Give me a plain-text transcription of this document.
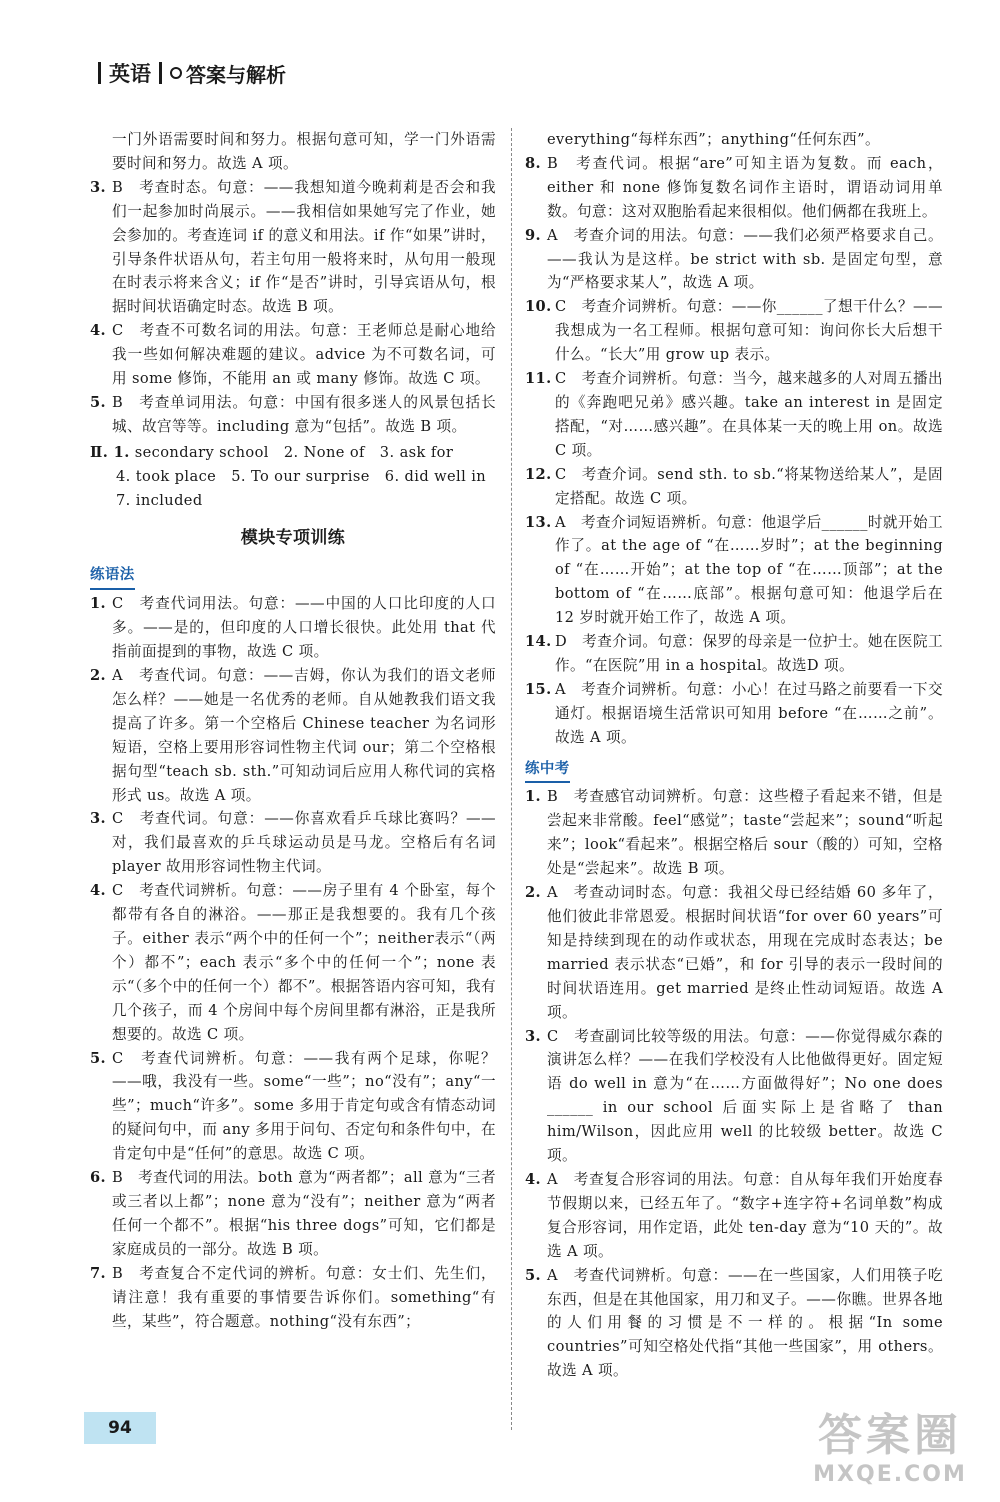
英语 答案与解析

一门外语需要时间和努力。根据句意可知，学一门外语需要时间和努力。故选 A 项。

3. B　考查时态。句意：——我想知道今晚莉莉是否会和我们一起参加时尚展示。——我相信如果她写完了作业，她会参加的。考查连词 if 的意义和用法。if 作“如果”讲时，引导条件状语从句，若主句用一般将来时，从句用一般现在时表示将来含义；if 作“是否”讲时，引导宾语从句，根据时间状语确定时态。故选 B 项。
4. C　考查不可数名词的用法。句意：王老师总是耐心地给我一些如何解决难题的建议。advice 为不可数名词，可用 some 修饰，不能用 an 或 many 修饰。故选 C 项。
5. B　考查单词用法。句意：中国有很多迷人的风景包括长城、故宫等等。including 意为“包括”。故选 B 项。
Ⅱ. 1. secondary school　2. None of　3. ask for
4. took place　5. To our surprise　6. did well in
7. included
模块专项训练
练语法
1. C　考查代词用法。句意：——中国的人口比印度的人口多。——是的，但印度的人口增长很快。此处用 that 代指前面提到的事物，故选 C 项。
2. A　考查代词。句意：——吉姆，你认为我们的语文老师怎么样？——她是一名优秀的老师。自从她教我们语文我提高了许多。第一个空格后 Chinese teacher 为名词形短语，空格上要用形容词性物主代词 our；第二个空格根据句型“teach sb. sth.”可知动词后应用人称代词的宾格形式 us。故选 A 项。
3. C　考查代词。句意：——你喜欢看乒乓球比赛吗？——对，我们最喜欢的乒乓球运动员是马龙。空格后有名词 player 故用形容词性物主代词。
4. C　考查代词辨析。句意：——房子里有 4 个卧室，每个都带有各自的淋浴。——那正是我想要的。我有几个孩子。either 表示“两个中的任何一个”；neither表示“（两个）都不”；each 表示“多个中的任何一个”；none 表示“（多个中的任何一个）都不”。根据答语内容可知，我有几个孩子，而 4 个房间中每个房间里都有淋浴，正是我所想要的。故选 C 项。
5. C　考查代词辨析。句意：——我有两个足球，你呢？——哦，我没有一些。some“一些”；no“没有”；any“一些”；much“许多”。some 多用于肯定句或含有情态动词的疑问句中，而 any 多用于问句、否定句和条件句中，在肯定句中是“任何”的意思。故选 C 项。
6. B　考查代词的用法。both 意为“两者都”；all 意为“三者或三者以上都”；none 意为“没有”；neither 意为“两者任何一个都不”。根据“his three dogs”可知，它们都是家庭成员的一部分。故选 B 项。
7. B　考查复合不定代词的辨析。句意：女士们、先生们，请注意！我有重要的事情要告诉你们。something“有些，某些”，符合题意。nothing“没有东西”；

everything“每样东西”；anything“任何东西”。

8. B　考查代词。根据“are”可知主语为复数。而 each，either 和 none 修饰复数名词作主语时，谓语动词用单数。句意：这对双胞胎看起来很相似。他们俩都在我班上。
9. A　考查介词的用法。句意：——我们必须严格要求自己。——我认为是这样。be strict with sb. 是固定句型，意为“严格要求某人”，故选 A 项。
10. C　考查介词辨析。句意：——你______了想干什么？——我想成为一名工程师。根据句意可知：询问你长大后想干什么。“长大”用 grow up 表示。
11. C　考查介词辨析。句意：当今，越来越多的人对周五播出的《奔跑吧兄弟》感兴趣。take an interest in 是固定搭配，“对……感兴趣”。在具体某一天的晚上用 on。故选 C 项。
12. C　考查介词。send sth. to sb.“将某物送给某人”，是固定搭配。故选 C 项。
13. A　考查介词短语辨析。句意：他退学后______时就开始工作了。at the age of “在……岁时”；at the beginning of “在……开始”；at the top of “在……顶部”；at the bottom of “在……底部”。根据句意可知：他退学后在 12 岁时就开始工作了，故选 A 项。
14. D　考查介词。句意：保罗的母亲是一位护士。她在医院工作。“在医院”用 in a hospital。故选D 项。
15. A　考查介词辨析。句意：小心！在过马路之前要看一下交通灯。根据语境生活常识可知用 before “在……之前”。故选 A 项。
练中考
1. B　考查感官动词辨析。句意：这些橙子看起来不错，但是尝起来非常酸。feel“感觉”；taste“尝起来”；sound“听起来”；look“看起来”。根据空格后 sour（酸的）可知，空格处是“尝起来”。故选 B 项。
2. A　考查动词时态。句意：我祖父母已经结婚 60 多年了，他们彼此非常恩爱。根据时间状语“for over 60 years”可知是持续到现在的动作或状态，用现在完成时态表达；be married 表示状态“已婚”，和 for 引导的表示一段时间的时间状语连用。get married 是终止性动词短语。故选 A 项。
3. C　考查副词比较等级的用法。句意：——你觉得威尔森的演讲怎么样？——在我们学校没有人比他做得更好。固定短语 do well in 意为“在……方面做得好”；No one does ______ in our school 后面实际上是省略了 than him/Wilson，因此应用 well 的比较级 better。故选 C 项。
4. A　考查复合形容词的用法。句意：自从每年我们开始度春节假期以来，已经五年了。“数字+连字符+名词单数”构成复合形容词，用作定语，此处 ten-day 意为“10 天的”。故选 A 项。
5. A　考查代词辨析。句意：——在一些国家，人们用筷子吃东西，但是在其他国家，用刀和叉子。——你瞧。世界各地的人们用餐的习惯是不一样的。根据“In some countries”可知空格处代指“其他一些国家”，用 others。故选 A 项。
94	答案圈
MXQE.COM
